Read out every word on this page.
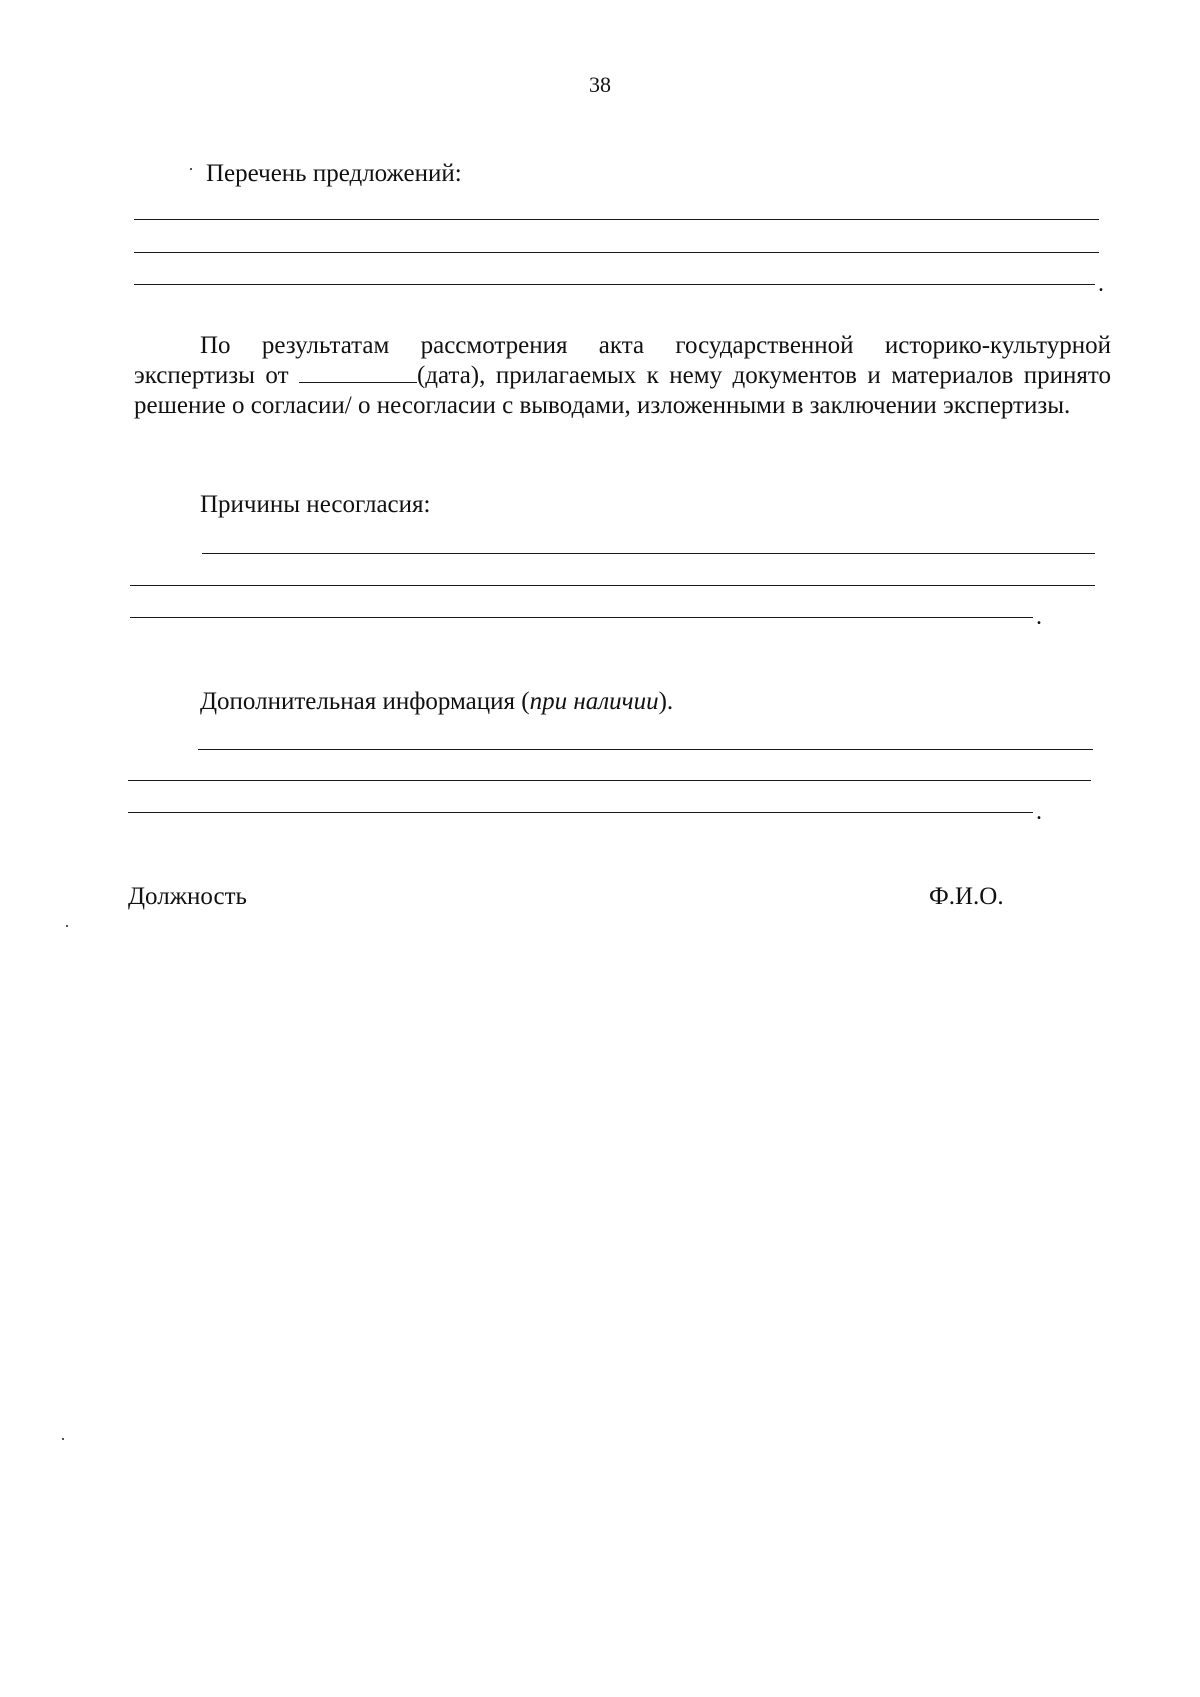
38
Перечень предложений:
.
По результатам рассмотрения акта государственной историко-культурной экспертизы от	(дата), прилагаемых к нему документов и материалов принято решение о согласии/ о несогласии с выводами, изложенными в заключении экспертизы.
Причины несогласия:
.
Дополнительная информация (при наличии).
.
Должность	Ф.И.О.
